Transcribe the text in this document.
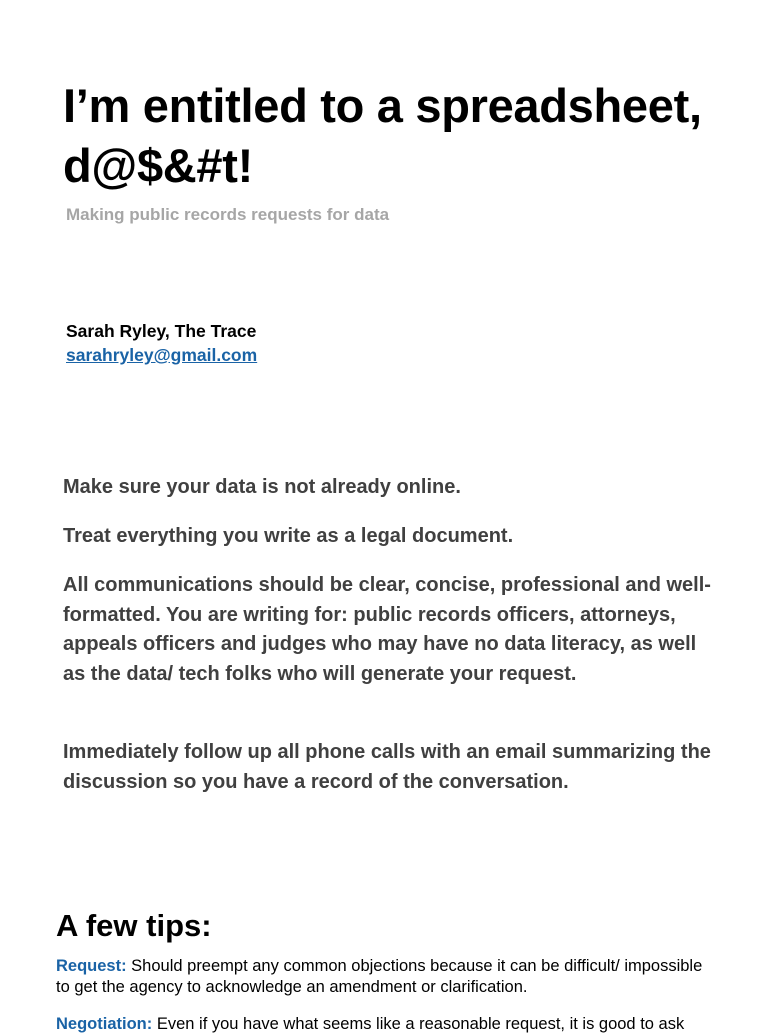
I’m entitled to a spreadsheet, d@$&#t!

Making public records requests for data

Sarah Ryley, The Trace

sarahryley@gmail.com

Make sure your data is not already online.

Treat everything you write as a legal document.

All communications should be clear, concise, professional and well-formatted. You are writing for: public records officers, attorneys, appeals officers and judges who may have no data literacy, as well as the data/ tech folks who will generate your request.

Immediately follow up all phone calls with an email summarizing the discussion so you have a record of the conversation.

A few tips:

Request: Should preempt any common objections because it can be difficult/ impossible to get the agency to acknowledge an amendment or clarification.

Negotiation: Even if you have what seems like a reasonable request, it is good to ask
